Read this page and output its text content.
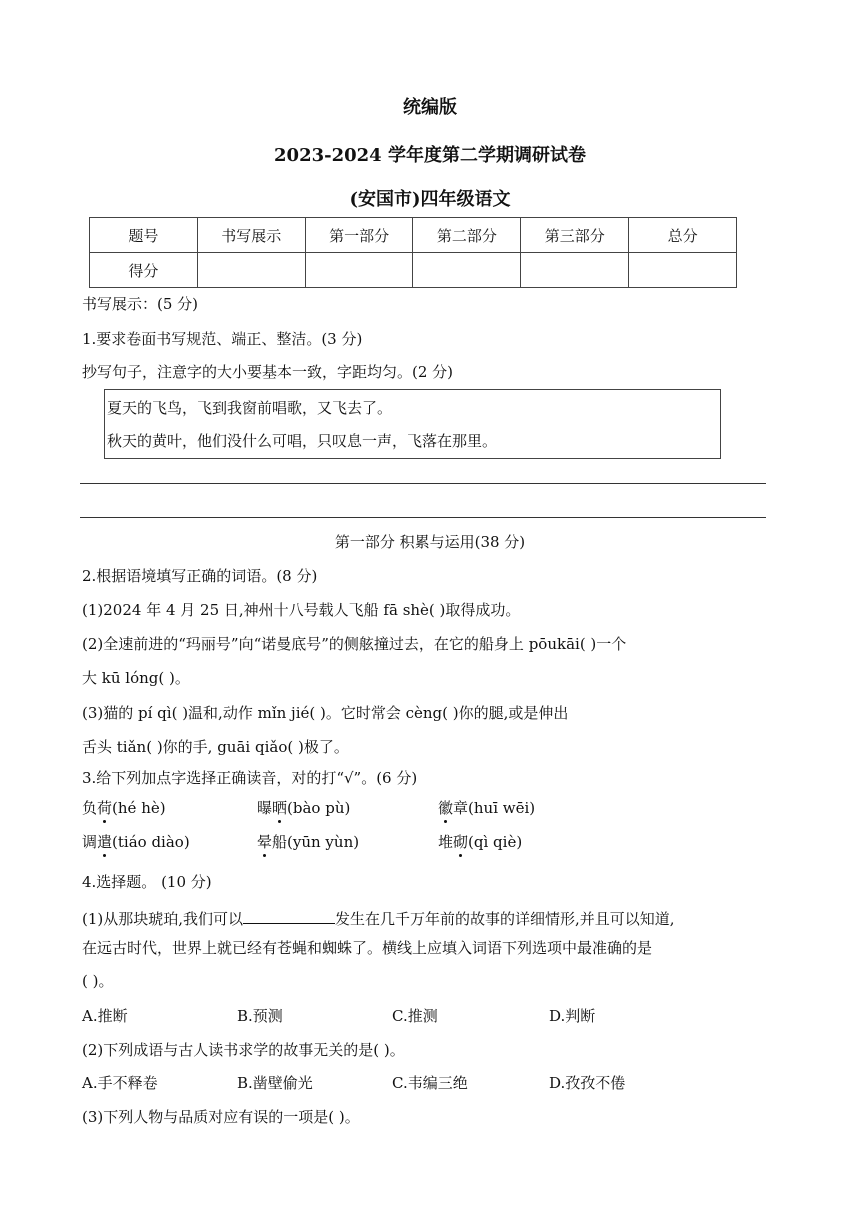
统编版
2023-2024 学年度第二学期调研试卷
(安国市)四年级语文
题号	书写展示	第一部分	第二部分	第三部分	总分
得分					
书写展示：(5 分)
1.要求卷面书写规范、端正、整洁。(3 分)
抄写句子，注意字的大小要基本一致，字距均匀。(2 分)
夏天的飞鸟，飞到我窗前唱歌，又飞去了。
秋天的黄叶，他们没什么可唱，只叹息一声，飞落在那里。
第一部分 积累与运用(38 分)
2.根据语境填写正确的词语。(8 分)
(1)2024 年 4 月 25 日,神州十八号载人飞船 fā shè( )取得成功。
(2)全速前进的“玛丽号”向“诺曼底号”的侧舷撞过去，在它的船身上 pōukāi( )一个
大 kū lóng( )。
(3)猫的 pí qì( )温和,动作 mǐn jié( )。它时常会 cèng( )你的腿,或是伸出
舌头 tiǎn( )你的手, guāi qiǎo( )极了。
3.给下列加点字选择正确读音，对的打“√”。(6 分)
负荷(hé hè)	曝晒(bào pù)	徽章(huī wēi)
调遣(tiáo diào)	晕船(yūn yùn)	堆砌(qì qiè)
4.选择题。 (10 分)
(1)从那块琥珀,我们可以	发生在几千万年前的故事的详细情形,并且可以知道,
在远古时代，世界上就已经有苍蝇和蜘蛛了。横线上应填入词语下列选项中最准确的是
( )。
A.推断	B.预测	C.推测	D.判断
(2)下列成语与古人读书求学的故事无关的是( )。
A.手不释卷	B.凿壁偷光	C.韦编三绝	D.孜孜不倦
(3)下列人物与品质对应有误的一项是( )。
